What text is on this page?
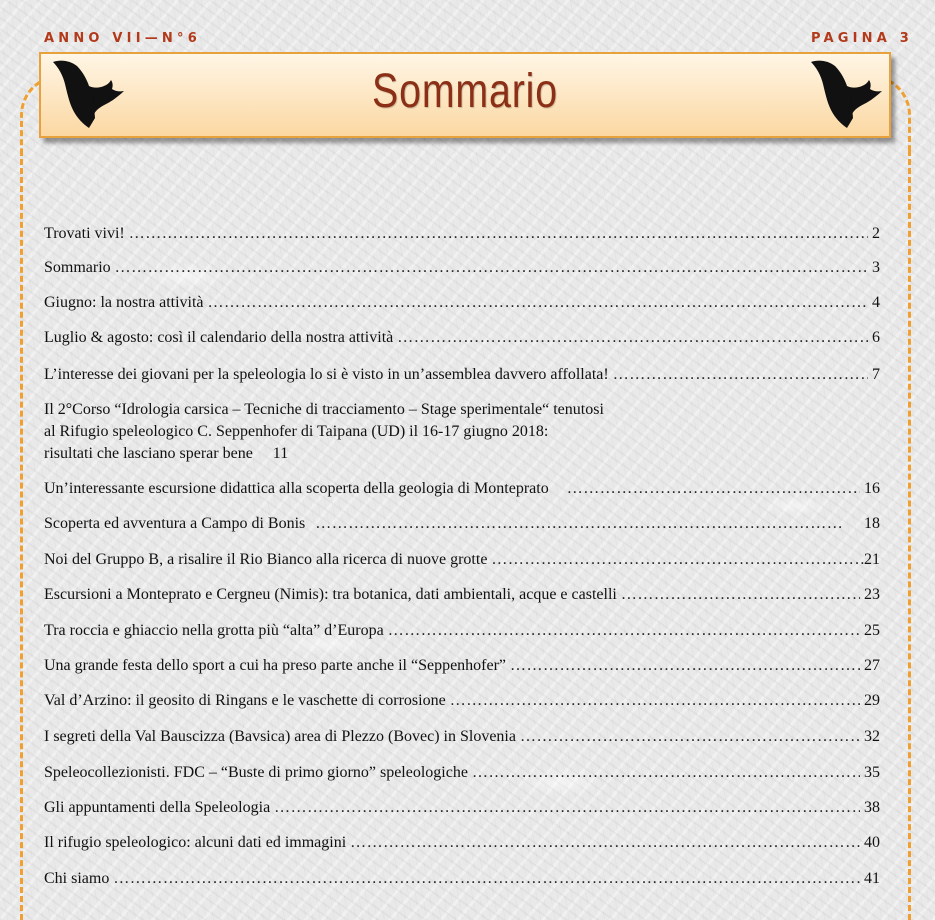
ANNO VII—N°6	PAGINA 3
Sommario
Trovati vivi! ……………………………………………………………………………………………………………………………………………………………………………………	2
Sommario ……………………………………………………………………………………………………………………………………………………………………………………	3
Giugno: la nostra attività ……………………………………………………………………………………………………………………………………………………………………………………	4
Luglio & agosto: così il calendario della nostra attività ……………………………………………………………………………………………………………………………………………………………………………………	6
L’interesse dei giovani per la speleologia lo si è visto in un’assemblea davvero affollata! ……………………………………………………………………………………………………………………………………………………………………………………	7
Il 2°Corso “Idrologia carsica – Tecniche di tracciamento – Stage sperimentale“ tenutosi
al Rifugio speleologico C. Seppenhofer di Taipana (UD) il 16-17 giugno 2018:
risultati che lasciano sperar bene 11
Un’interessante escursione didattica alla scoperta della geologia di Monteprato ……………………………………………………………………………………………………………………………………………………………………………………	16
Scoperta ed avventura a Campo di Bonis ……………………………………………………………………………………………………………………………………………………………………………………	18
Noi del Gruppo B, a risalire il Rio Bianco alla ricerca di nuove grotte ……………………………………………………………………………………………………………………………………………………………………………………	21
Escursioni a Monteprato e Cergneu (Nimis): tra botanica, dati ambientali, acque e castelli ……………………………………………………………………………………………………………………………………………………………………………………	23
Tra roccia e ghiaccio nella grotta più “alta” d’Europa ……………………………………………………………………………………………………………………………………………………………………………………	25
Una grande festa dello sport a cui ha preso parte anche il “Seppenhofer” ……………………………………………………………………………………………………………………………………………………………………………………	27
Val d’Arzino: il geosito di Ringans e le vaschette di corrosione ……………………………………………………………………………………………………………………………………………………………………………………	29
I segreti della Val Bauscizza (Bavsica) area di Plezzo (Bovec) in Slovenia ……………………………………………………………………………………………………………………………………………………………………………………	32
Speleocollezionisti. FDC – “Buste di primo giorno” speleologiche ……………………………………………………………………………………………………………………………………………………………………………………	35
Gli appuntamenti della Speleologia ……………………………………………………………………………………………………………………………………………………………………………………	38
Il rifugio speleologico: alcuni dati ed immagini ……………………………………………………………………………………………………………………………………………………………………………………	40
Chi siamo ……………………………………………………………………………………………………………………………………………………………………………………	41
